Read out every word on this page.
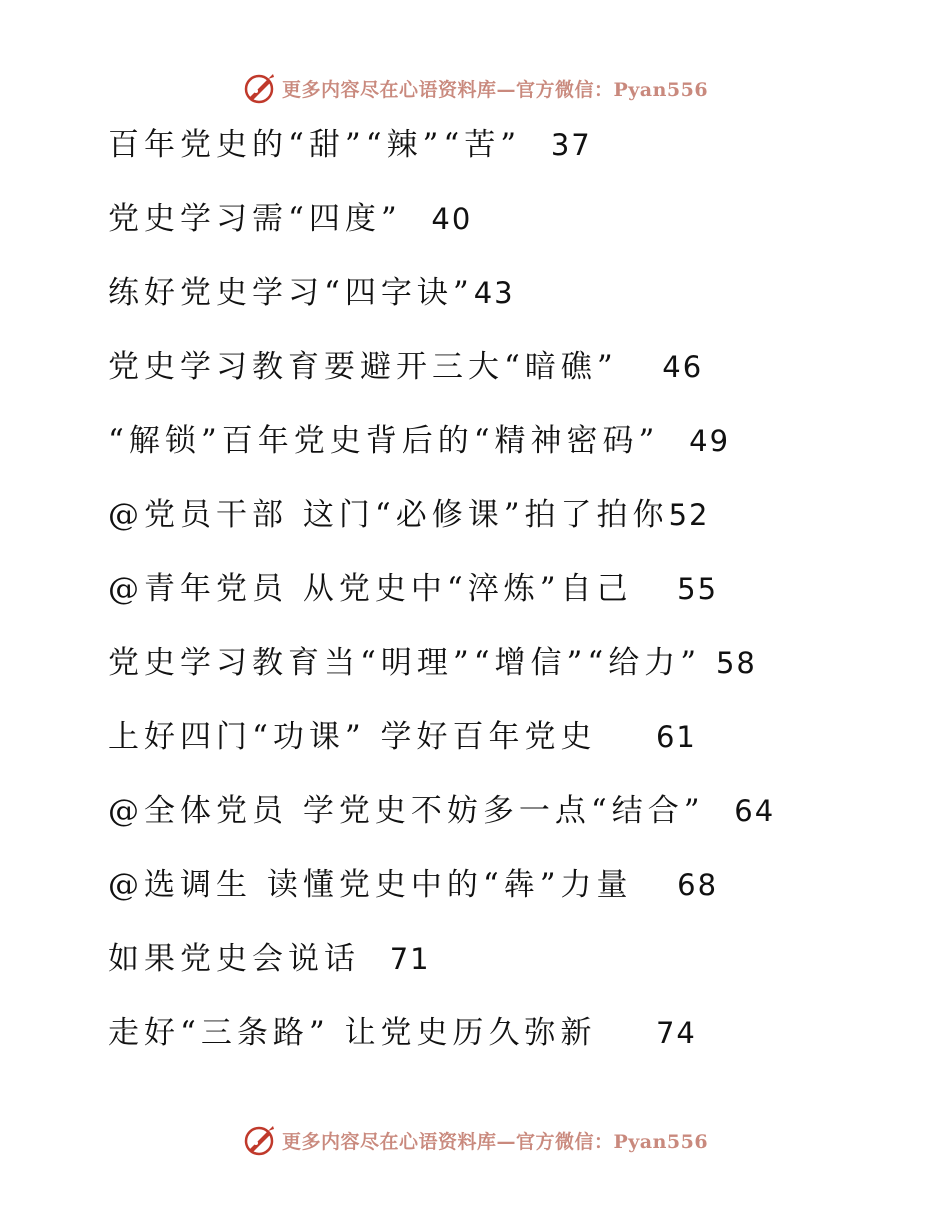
更多内容尽在心语资料库—官方微信：Pyan556
百年党史的“甜”“辣”“苦” 37
党史学习需“四度” 40
练好党史学习“四字诀”43
党史学习教育要避开三大“暗礁” 46
“解锁”百年党史背后的“精神密码” 49
@党员干部 这门“必修课”拍了拍你52
@青年党员 从党史中“淬炼”自己 55
党史学习教育当“明理”“增信”“给力” 58
上好四门“功课” 学好百年党史 61
@全体党员 学党史不妨多一点“结合” 64
@选调生 读懂党史中的“犇”力量 68
如果党史会说话 71
走好“三条路” 让党史历久弥新 74
更多内容尽在心语资料库—官方微信：Pyan556
